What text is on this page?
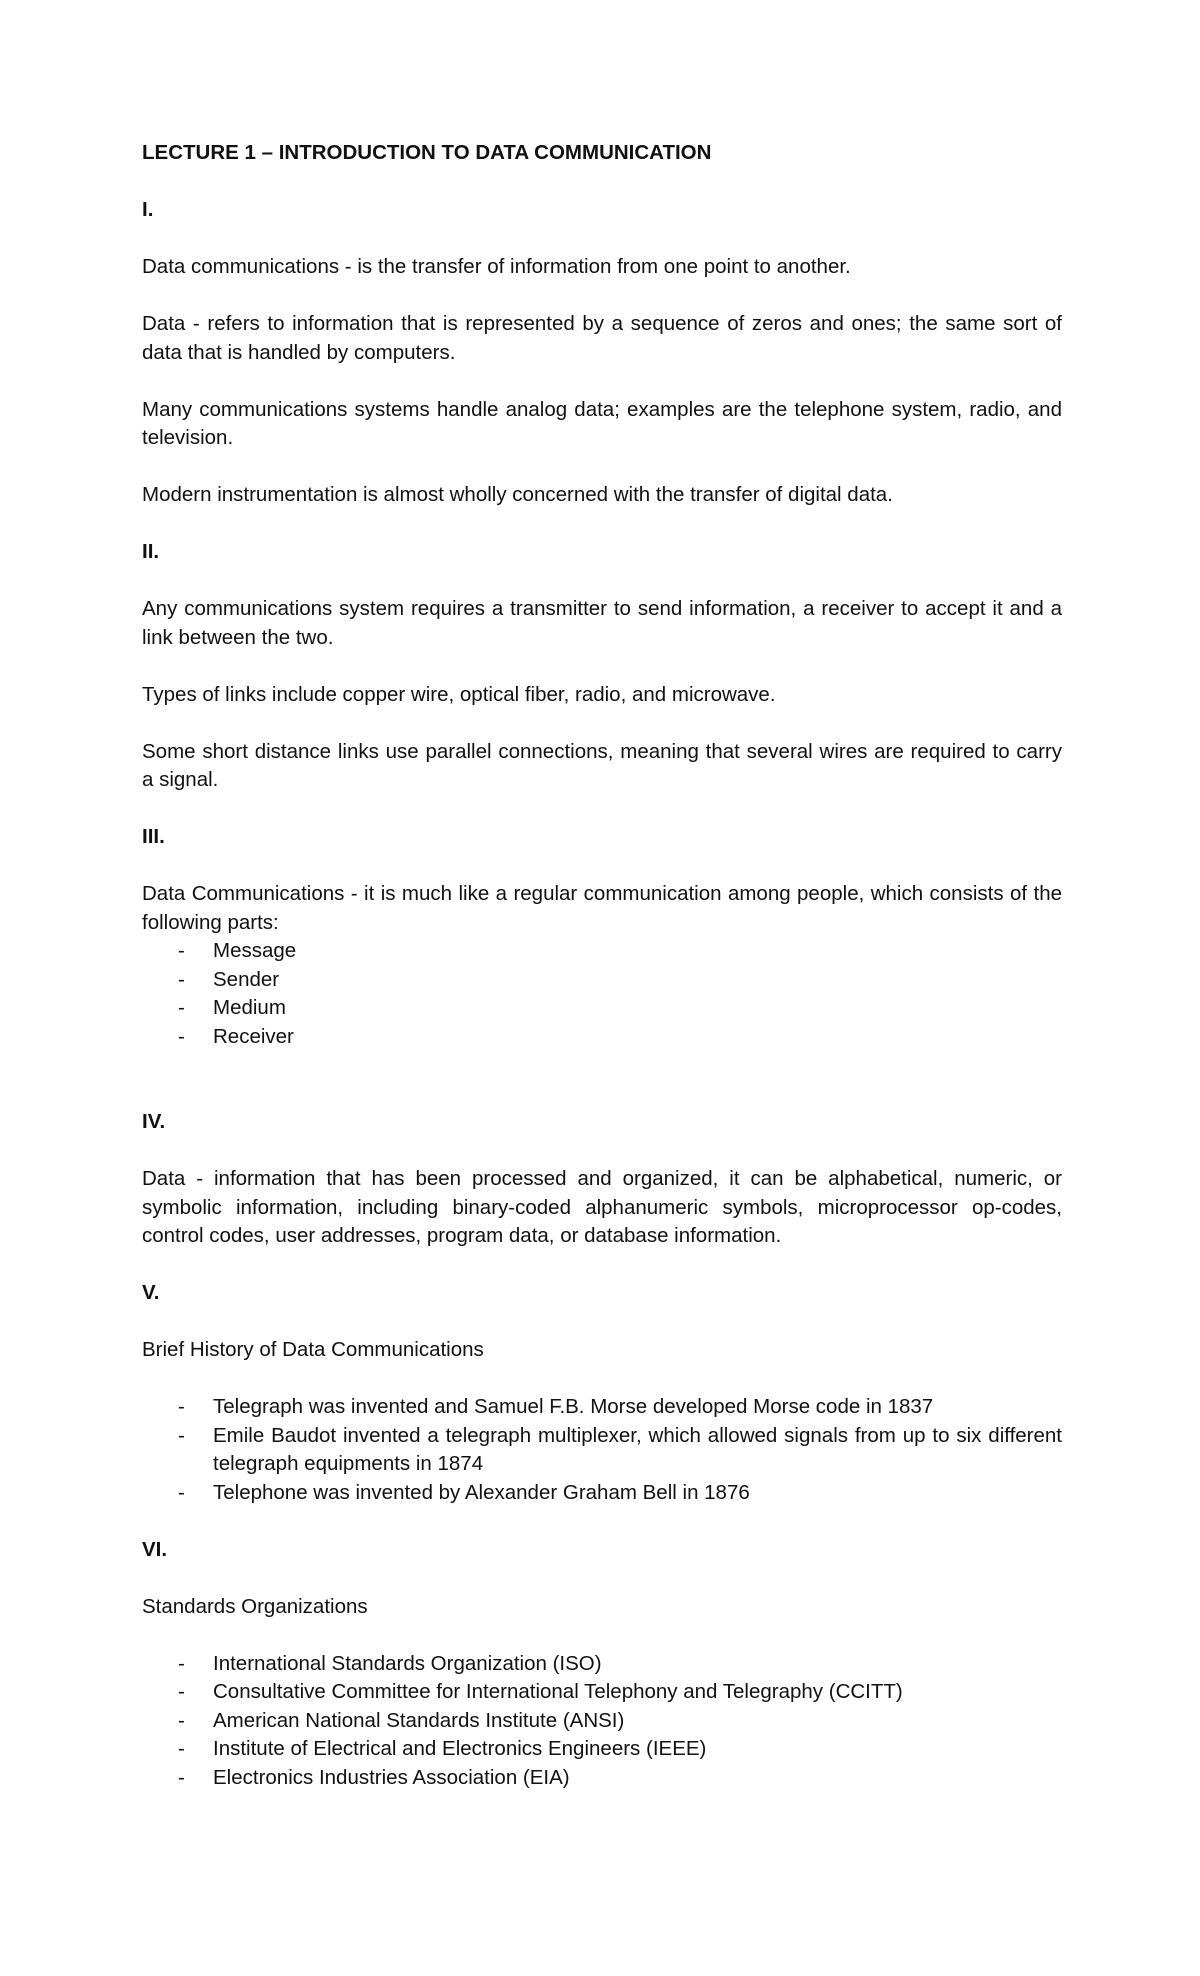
LECTURE 1 – INTRODUCTION TO DATA COMMUNICATION
I.

Data communications - is the transfer of information from one point to another.

Data - refers to information that is represented by a sequence of zeros and ones; the same sort of data that is handled by computers.

Many communications systems handle analog data; examples are the telephone system, radio, and television.

Modern instrumentation is almost wholly concerned with the transfer of digital data.

II.

Any communications system requires a transmitter to send information, a receiver to accept it and a link between the two.

Types of links include copper wire, optical fiber, radio, and microwave.

Some short distance links use parallel connections, meaning that several wires are required to carry a signal.

III.

Data Communications - it is much like a regular communication among people, which consists of the following parts:

- Message
- Sender
- Medium
- Receiver
IV.

Data - information that has been processed and organized, it can be alphabetical, numeric, or symbolic information, including binary-coded alphanumeric symbols, microprocessor op-codes, control codes, user addresses, program data, or database information.

V.

Brief History of Data Communications

- Telegraph was invented and Samuel F.B. Morse developed Morse code in 1837
- Emile Baudot invented a telegraph multiplexer, which allowed signals from up to six different telegraph equipments in 1874
- Telephone was invented by Alexander Graham Bell in 1876
VI.

Standards Organizations

- International Standards Organization (ISO)
- Consultative Committee for International Telephony and Telegraphy (CCITT)
- American National Standards Institute (ANSI)
- Institute of Electrical and Electronics Engineers (IEEE)
- Electronics Industries Association (EIA)
